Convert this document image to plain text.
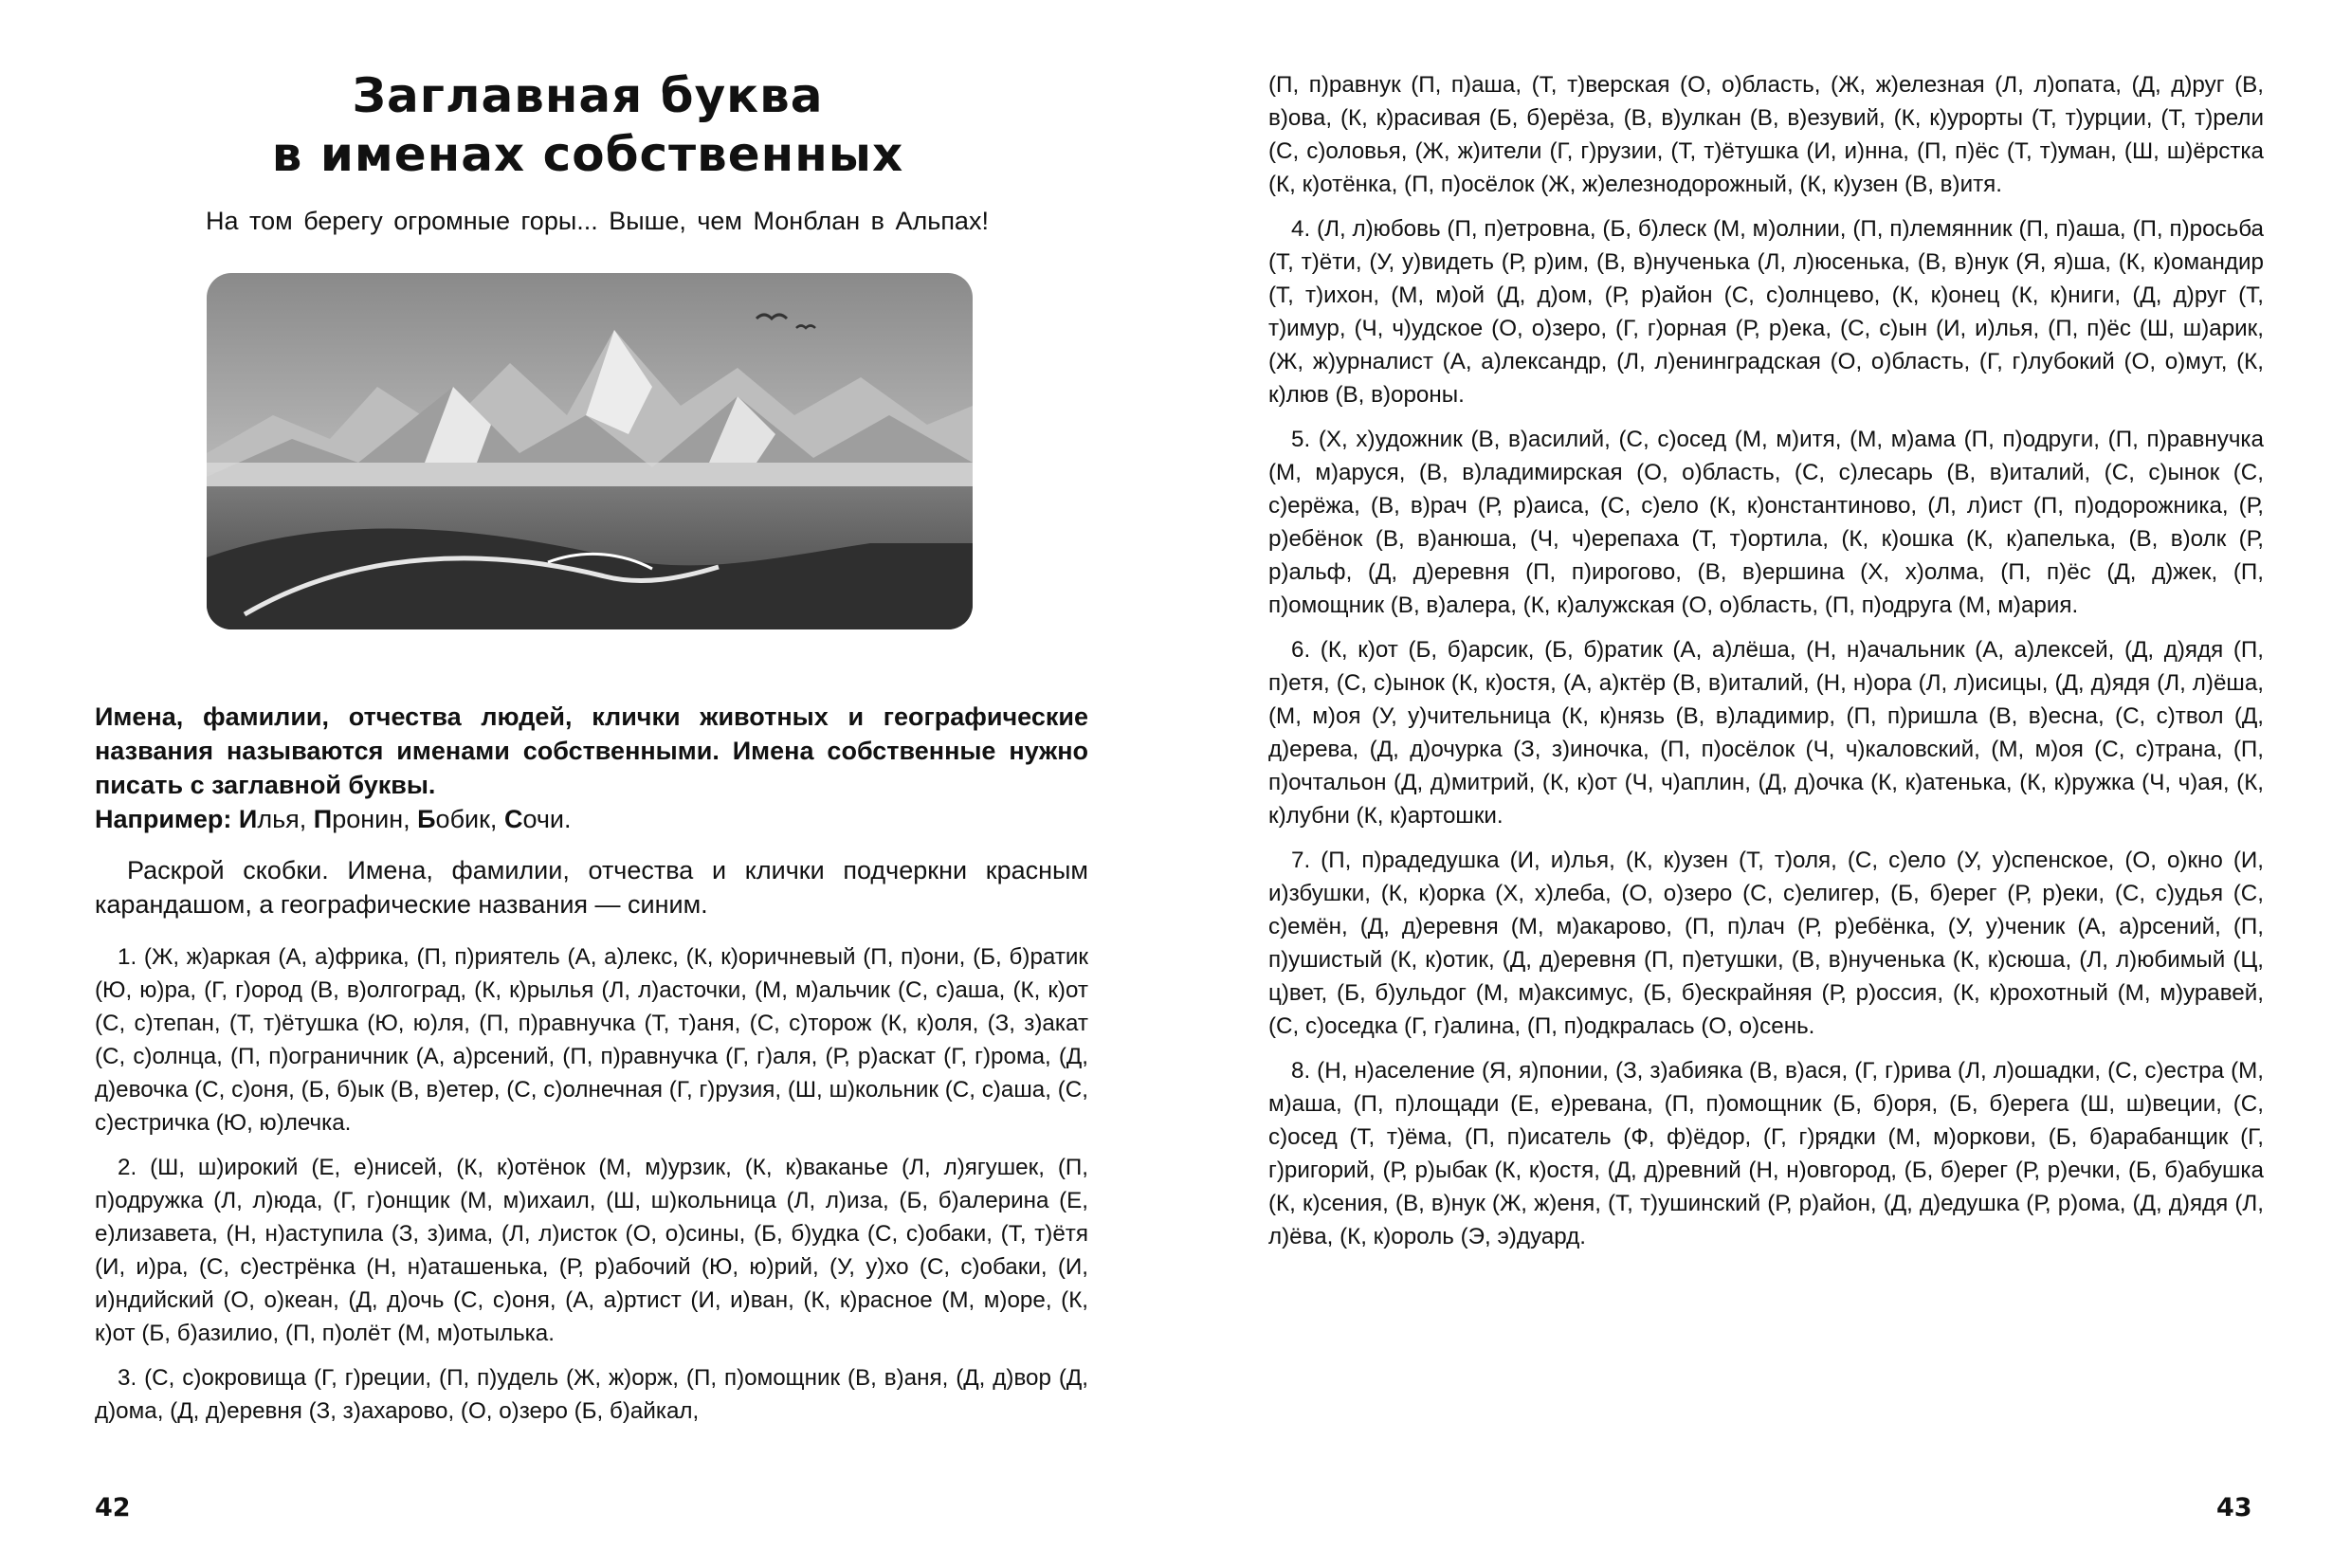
Заглавная буква
в именах собственных
На том берегу огромные горы... Выше, чем Монблан в Альпах!
Имена, фамилии, отчества людей, клички животных и географические названия называются именами собственными. Имена собственные нужно писать с заглавной буквы.
Например: Илья, Пронин, Бобик, Сочи.

Раскрой скобки. Имена, фамилии, отчества и клички подчеркни красным карандашом, а географические названия — синим.

1. (Ж, ж)аркая (А, а)фрика, (П, п)риятель (А, а)лекс, (К, к)оричневый (П, п)они, (Б, б)ратик (Ю, ю)ра, (Г, г)ород (В, в)олгоград, (К, к)рылья (Л, л)асточки, (М, м)альчик (С, с)аша, (К, к)от (С, с)тепан, (Т, т)ётушка (Ю, ю)ля, (П, п)равнучка (Т, т)аня, (С, с)торож (К, к)оля, (З, з)акат (С, с)олнца, (П, п)ограничник (А, а)рсений, (П, п)равнучка (Г, г)аля, (Р, р)аскат (Г, г)рома, (Д, д)евочка (С, с)оня, (Б, б)ык (В, в)етер, (С, с)олнечная (Г, г)рузия, (Ш, ш)кольник (С, с)аша, (С, с)естричка (Ю, ю)лечка.

2. (Ш, ш)ирокий (Е, е)нисей, (К, к)отёнок (М, м)урзик, (К, к)ваканье (Л, л)ягушек, (П, п)одружка (Л, л)юда, (Г, г)онщик (М, м)ихаил, (Ш, ш)кольница (Л, л)иза, (Б, б)алерина (Е, е)лизавета, (Н, н)аступила (З, з)има, (Л, л)исток (О, о)сины, (Б, б)удка (С, с)обаки, (Т, т)ётя (И, и)ра, (С, с)естрёнка (Н, н)аташенька, (Р, р)абочий (Ю, ю)рий, (У, у)хо (С, с)обаки, (И, и)ндийский (О, о)кеан, (Д, д)очь (С, с)оня, (А, а)ртист (И, и)ван, (К, к)расное (М, м)оре, (К, к)от (Б, б)азилио, (П, п)олёт (М, м)отылька.

3. (С, с)окровища (Г, г)реции, (П, п)удель (Ж, ж)орж, (П, п)омощник (В, в)аня, (Д, д)вор (Д, д)ома, (Д, д)еревня (З, з)ахарово, (О, о)зеро (Б, б)айкал,

42

(П, п)равнук (П, п)аша, (Т, т)верская (О, о)бласть, (Ж, ж)елезная (Л, л)опата, (Д, д)руг (В, в)ова, (К, к)расивая (Б, б)ерёза, (В, в)улкан (В, в)езувий, (К, к)урорты (Т, т)урции, (Т, т)рели (С, с)оловья, (Ж, ж)ители (Г, г)рузии, (Т, т)ётушка (И, и)нна, (П, п)ёс (Т, т)уман, (Ш, ш)ёрстка (К, к)отёнка, (П, п)осёлок (Ж, ж)елезнодорожный, (К, к)узен (В, в)итя.

4. (Л, л)юбовь (П, п)етровна, (Б, б)леск (М, м)олнии, (П, п)лемянник (П, п)аша, (П, п)росьба (Т, т)ёти, (У, у)видеть (Р, р)им, (В, в)нученька (Л, л)юсенька, (В, в)нук (Я, я)ша, (К, к)омандир (Т, т)ихон, (М, м)ой (Д, д)ом, (Р, р)айон (С, с)олнцево, (К, к)онец (К, к)ниги, (Д, д)руг (Т, т)имур, (Ч, ч)удское (О, о)зеро, (Г, г)орная (Р, р)ека, (С, с)ын (И, и)лья, (П, п)ёс (Ш, ш)арик, (Ж, ж)урналист (А, а)лександр, (Л, л)енинградская (О, о)бласть, (Г, г)лубокий (О, о)мут, (К, к)люв (В, в)ороны.

5. (Х, х)удожник (В, в)асилий, (С, с)осед (М, м)итя, (М, м)ама (П, п)одруги, (П, п)равнучка (М, м)аруся, (В, в)ладимирская (О, о)бласть, (С, с)лесарь (В, в)италий, (С, с)ынок (С, с)ерёжа, (В, в)рач (Р, р)аиса, (С, с)ело (К, к)онстантиново, (Л, л)ист (П, п)одорожника, (Р, р)ебёнок (В, в)анюша, (Ч, ч)ерепаха (Т, т)ортила, (К, к)ошка (К, к)апелька, (В, в)олк (Р, р)альф, (Д, д)еревня (П, п)ирогово, (В, в)ершина (Х, х)олма, (П, п)ёс (Д, д)жек, (П, п)омощник (В, в)алера, (К, к)алужская (О, о)бласть, (П, п)одруга (М, м)ария.

6. (К, к)от (Б, б)арсик, (Б, б)ратик (А, а)лёша, (Н, н)ачальник (А, а)лексей, (Д, д)ядя (П, п)етя, (С, с)ынок (К, к)остя, (А, а)ктёр (В, в)италий, (Н, н)ора (Л, л)исицы, (Д, д)ядя (Л, л)ёша, (М, м)оя (У, у)чительница (К, к)нязь (В, в)ладимир, (П, п)ришла (В, в)есна, (С, с)твол (Д, д)ерева, (Д, д)очурка (З, з)иночка, (П, п)осёлок (Ч, ч)каловский, (М, м)оя (С, с)трана, (П, п)очтальон (Д, д)митрий, (К, к)от (Ч, ч)аплин, (Д, д)очка (К, к)атенька, (К, к)ружка (Ч, ч)ая, (К, к)лубни (К, к)артошки.

7. (П, п)радедушка (И, и)лья, (К, к)узен (Т, т)оля, (С, с)ело (У, у)спенское, (О, о)кно (И, и)збушки, (К, к)орка (Х, х)леба, (О, о)зеро (С, с)елигер, (Б, б)ерег (Р, р)еки, (С, с)удья (С, с)емён, (Д, д)еревня (М, м)акарово, (П, п)лач (Р, р)ебёнка, (У, у)ченик (А, а)рсений, (П, п)ушистый (К, к)отик, (Д, д)еревня (П, п)етушки, (В, в)нученька (К, к)сюша, (Л, л)юбимый (Ц, ц)вет, (Б, б)ульдог (М, м)аксимус, (Б, б)ескрайняя (Р, р)оссия, (К, к)рохотный (М, м)уравей, (С, с)оседка (Г, г)алина, (П, п)одкралась (О, о)сень.

8. (Н, н)аселение (Я, я)понии, (З, з)абияка (В, в)ася, (Г, г)рива (Л, л)ошадки, (С, с)естра (М, м)аша, (П, п)лощади (Е, е)ревана, (П, п)омощник (Б, б)оря, (Б, б)ерега (Ш, ш)веции, (С, с)осед (Т, т)ёма, (П, п)исатель (Ф, ф)ёдор, (Г, г)рядки (М, м)оркови, (Б, б)арабанщик (Г, г)ригорий, (Р, р)ыбак (К, к)остя, (Д, д)ревний (Н, н)овгород, (Б, б)ерег (Р, р)ечки, (Б, б)абушка (К, к)сения, (В, в)нук (Ж, ж)еня, (Т, т)ушинский (Р, р)айон, (Д, д)едушка (Р, р)ома, (Д, д)ядя (Л, л)ёва, (К, к)ороль (Э, э)дуард.

43
